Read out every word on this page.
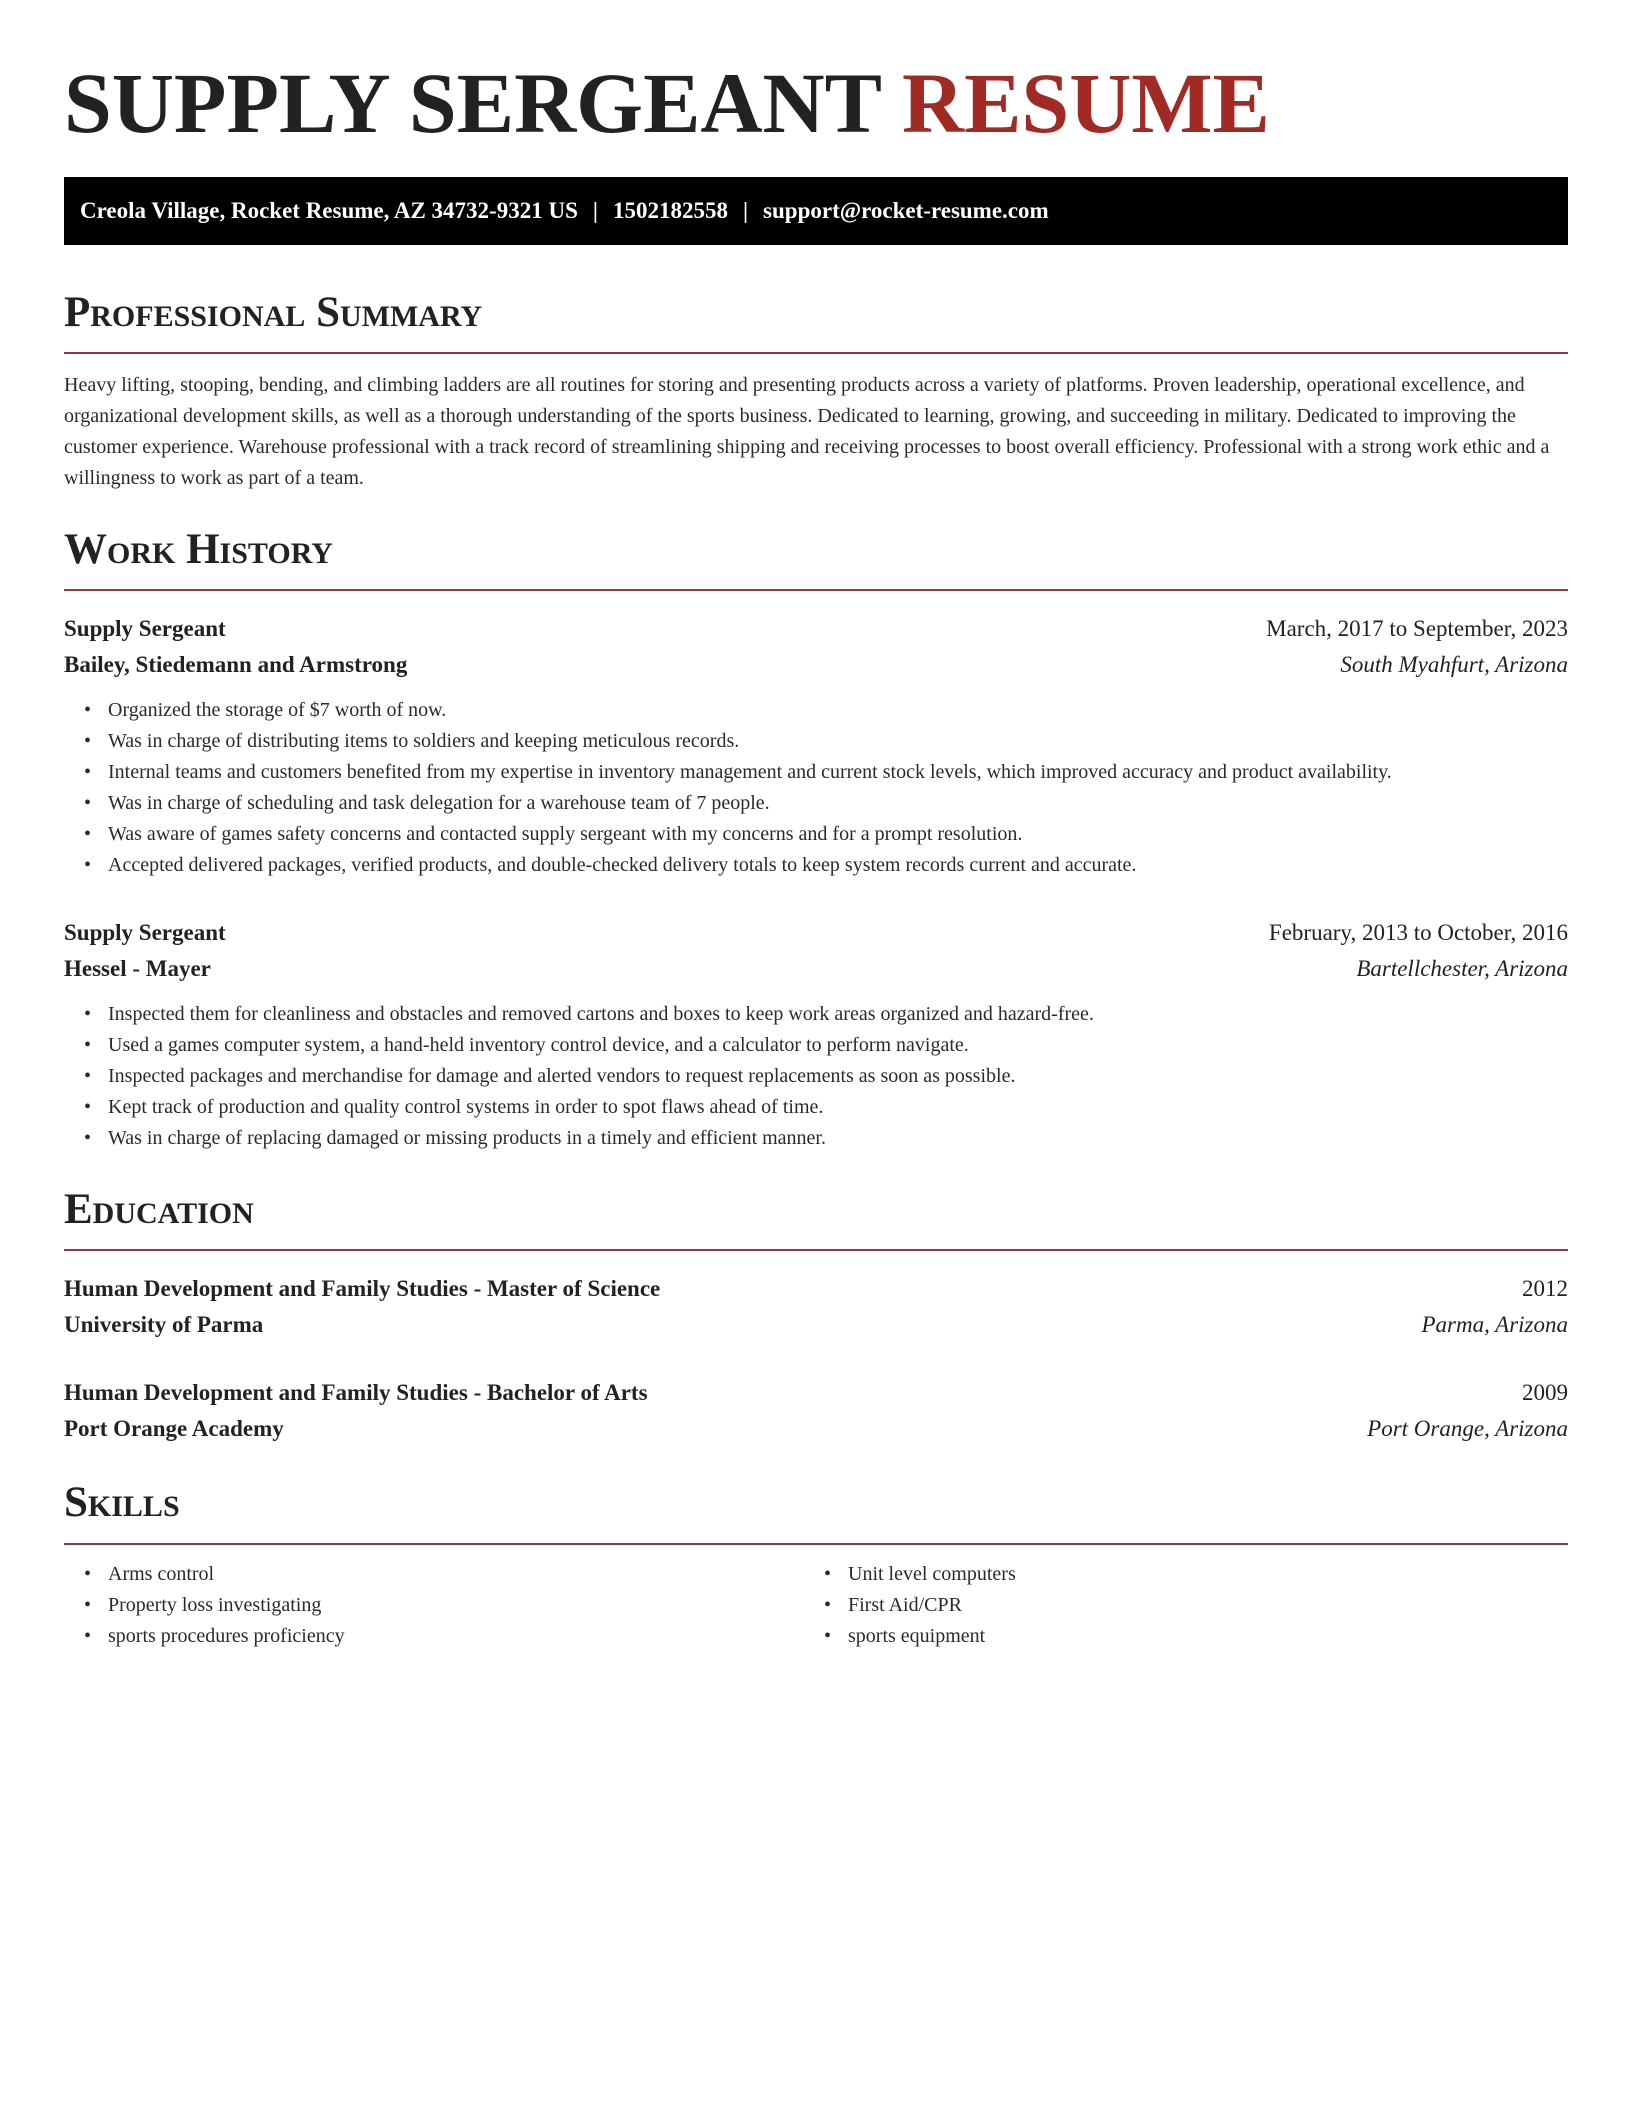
SUPPLY SERGEANT RESUME
Creola Village, Rocket Resume, AZ 34732-9321 US | 1502182558 | support@rocket-resume.com
Professional Summary

Heavy lifting, stooping, bending, and climbing ladders are all routines for storing and presenting products across a variety of platforms. Proven leadership, operational excellence, and organizational development skills, as well as a thorough understanding of the sports business. Dedicated to learning, growing, and succeeding in military. Dedicated to improving the customer experience. Warehouse professional with a track record of streamlining shipping and receiving processes to boost overall efficiency. Professional with a strong work ethic and a willingness to work as part of a team.

Work History
Supply Sergeant	March, 2017 to September, 2023
Bailey, Stiedemann and Armstrong	South Myahfurt, Arizona
• Organized the storage of $7 worth of now.
• Was in charge of distributing items to soldiers and keeping meticulous records.
• Internal teams and customers benefited from my expertise in inventory management and current stock levels, which improved accuracy and product availability.
• Was in charge of scheduling and task delegation for a warehouse team of 7 people.
• Was aware of games safety concerns and contacted supply sergeant with my concerns and for a prompt resolution.
• Accepted delivered packages, verified products, and double-checked delivery totals to keep system records current and accurate.
Supply Sergeant	February, 2013 to October, 2016
Hessel - Mayer	Bartellchester, Arizona
• Inspected them for cleanliness and obstacles and removed cartons and boxes to keep work areas organized and hazard-free.
• Used a games computer system, a hand-held inventory control device, and a calculator to perform navigate.
• Inspected packages and merchandise for damage and alerted vendors to request replacements as soon as possible.
• Kept track of production and quality control systems in order to spot flaws ahead of time.
• Was in charge of replacing damaged or missing products in a timely and efficient manner.
Education
Human Development and Family Studies - Master of Science	2012
University of Parma	Parma, Arizona
Human Development and Family Studies - Bachelor of Arts	2009
Port Orange Academy	Port Orange, Arizona
Skills
• Arms control
• Property loss investigating
• sports procedures proficiency
• Unit level computers
• First Aid/CPR
• sports equipment
